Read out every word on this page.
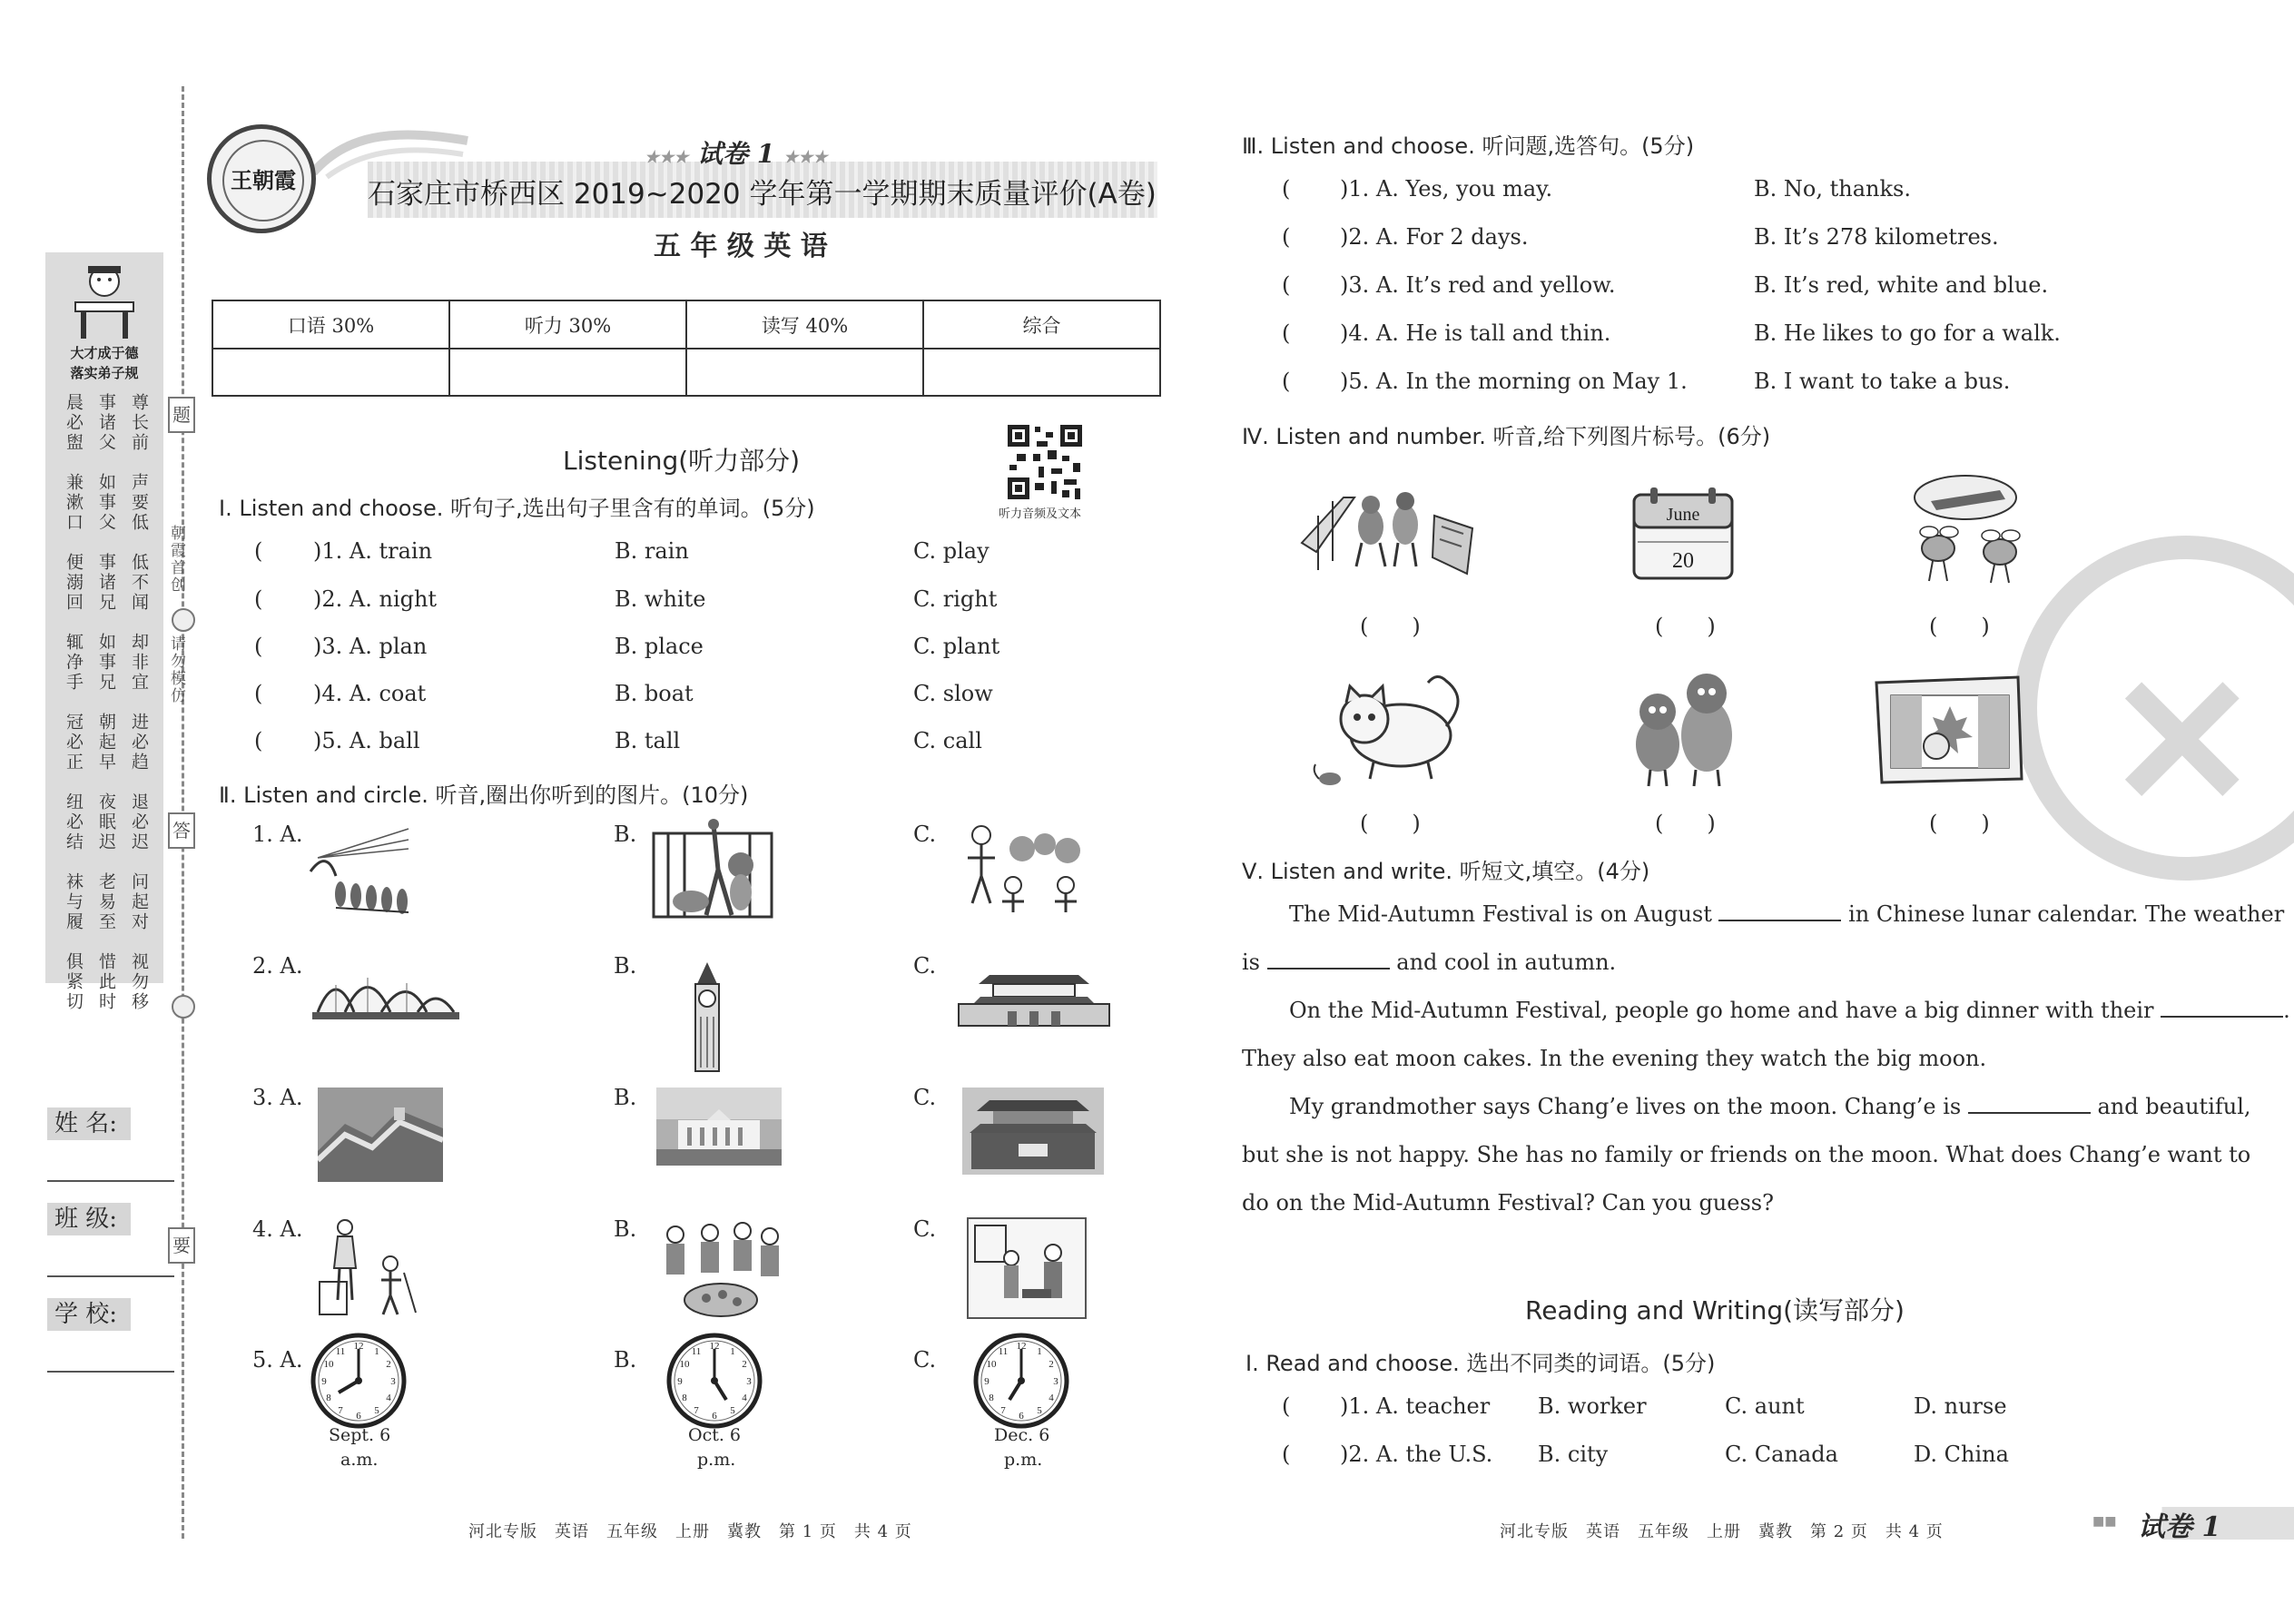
题
答
要
朝霞首创
请勿模仿
大才成于德
落实弟子规
晨必盥　兼漱口　便溺回　辄净手　冠必正　纽必结　袜与履　俱紧切
事诸父　如事父　事诸兄　如事兄　朝起早　夜眠迟　老易至　惜此时
尊长前　声要低　低不闻　却非宜　进必趋　退必迟　问起对　视勿移
姓 名:
班 级:
学 校:
王朝霞
★★★ 试卷 1 ★★★
石家庄市桥西区 2019~2020 学年第一学期期末质量评价(A卷)
五 年 级 英 语
口语 30%	听力 30%	读写 40%	综合

Listening(听力部分)
听力音频及文本
Ⅰ. Listen and choose. 听句子,选出句子里含有的单词。(5分)
( )1. A. train	B. rain	C. play
( )2. A. night	B. white	C. right
( )3. A. plan	B. place	C. plant
( )4. A. coat	B. boat	C. slow
( )5. A. ball	B. tall	C. call
Ⅱ. Listen and circle. 听音,圈出你听到的图片。(10分)
1. A.	B.	C.
2. A.	B.	C.
3. A.	B.	C.
4. A.	B.	C.
5. A.	B.	C.
12 1
2
3
4
5
6
7
8
9
10
11
Sept. 6
a.m.
12 1
2
3
4
5
6
7
8
9
10
11
Oct. 6
p.m.
12 1
2
3
4
5
6
7
8
9
10
11
Dec. 6
p.m.
✕
Ⅲ. Listen and choose. 听问题,选答句。(5分)
( )1. A. Yes, you may.	B. No, thanks.
( )2. A. For 2 days.	B. It’s 278 kilometres.
( )3. A. It’s red and yellow.	B. It’s red, white and blue.
( )4. A. He is tall and thin.	B. He likes to go for a walk.
( )5. A. In the morning on May 1.	B. I want to take a bus.
Ⅳ. Listen and number. 听音,给下列图片标号。(6分)
(　　)
June
20
(　　)	(　　)
(　　)	(　　)	(　　)
Ⅴ. Listen and write. 听短文,填空。(4分)
The Mid-Autumn Festival is on August	in Chinese lunar calendar. The weather
is	and cool in autumn.
On the Mid-Autumn Festival, people go home and have a big dinner with their	.
They also eat moon cakes. In the evening they watch the big moon.
My grandmother says Chang’e lives on the moon. Chang’e is	and beautiful,
but she is not happy. She has no family or friends on the moon. What does Chang’e want to
do on the Mid-Autumn Festival? Can you guess?
Reading and Writing(读写部分)
Ⅰ. Read and choose. 选出不同类的词语。(5分)
( )1. A. teacher B. worker	C. aunt	D. nurse
( )2. A. the U.S. B. city	C. Canada	D. China
河北专版　英语　五年级　上册　冀教　第 1 页　共 4 页	河北专版　英语　五年级　上册　冀教　第 2 页　共 4 页
■■ 试卷 1
